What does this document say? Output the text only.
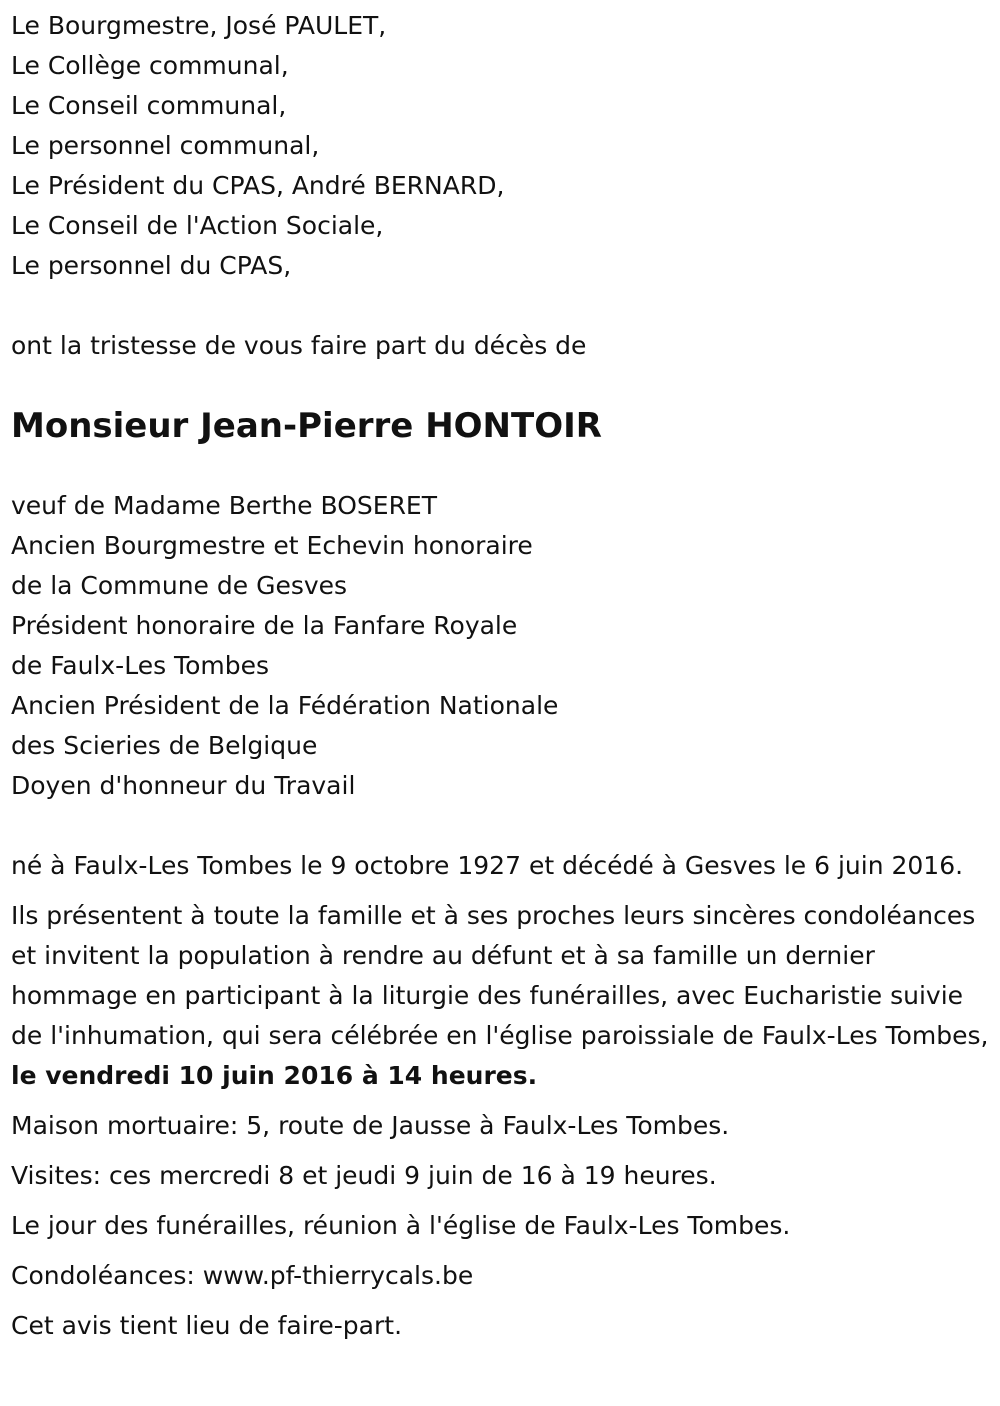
Le Bourgmestre, José PAULET,
Le Collège communal,
Le Conseil communal,
Le personnel communal,
Le Président du CPAS, André BERNARD,
Le Conseil de l'Action Sociale,
Le personnel du CPAS,
ont la tristesse de vous faire part du décès de
Monsieur Jean-Pierre HONTOIR
veuf de Madame Berthe BOSERET
Ancien Bourgmestre et Echevin honoraire
de la Commune de Gesves
Président honoraire de la Fanfare Royale
de Faulx-Les Tombes
Ancien Président de la Fédération Nationale
des Scieries de Belgique
Doyen d'honneur du Travail

né à Faulx-Les Tombes le 9 octobre 1927 et décédé à Gesves le 6 juin 2016.

Ils présentent à toute la famille et à ses proches leurs sincères condoléances et invitent la population à rendre au défunt et à sa famille un dernier hommage en participant à la liturgie des funérailles, avec Eucharistie suivie de l'inhumation, qui sera célébrée en l'église paroissiale de Faulx-Les Tombes, le vendredi 10 juin 2016 à 14 heures.

Maison mortuaire: 5, route de Jausse à Faulx-Les Tombes.

Visites: ces mercredi 8 et jeudi 9 juin de 16 à 19 heures.

Le jour des funérailles, réunion à l'église de Faulx-Les Tombes.

Condoléances: www.pf-thierrycals.be

Cet avis tient lieu de faire-part.
